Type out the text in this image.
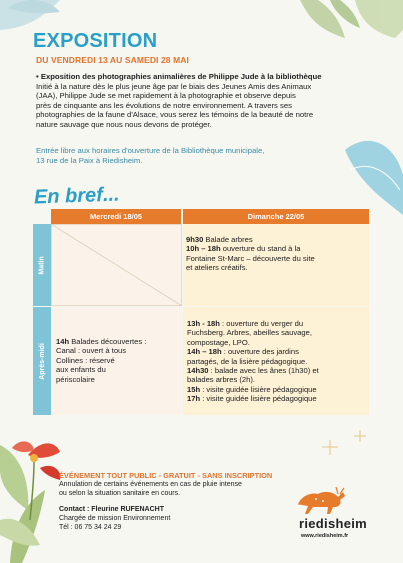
EXPOSITION
DU VENDREDI 13 AU SAMEDI 28 MAI
• Exposition des photographies animalières de Philippe Jude à la bibliothèque
Initié à la nature dès le plus jeune âge par le biais des Jeunes Amis des Animaux
(JAA), Philippe Jude se met rapidement à la photographie et observe depuis
près de cinquante ans les évolutions de notre environnement. A travers ses
photographies de la faune d'Alsace, vous serez les témoins de la beauté de notre
nature sauvage que nous nous devons de protéger.
Entrée libre aux horaires d'ouverture de la Bibliothèque municipale,
13 rue de la Paix à Riedisheim.
En bref...
Mercredi 18/05	Dimanche 22/05
Matin
Après-midi

9h30 Balade arbres

10h – 18h ouverture du stand à la

Fontaine St-Marc – découverte du site

et ateliers créatifs.

14h Balades découvertes :

Canal : ouvert à tous

Collines : réservé

aux enfants du

périscolaire

13h - 18h : ouverture du verger du

Fuchsberg. Arbres, abeilles sauvage,

compostage, LPO.

14h – 18h : ouverture des jardins

partagés, de la lisière pédagogique.

14h30 : balade avec les ânes (1h30) et

balades arbres (2h).

15h : visite guidée lisière pédagogique

17h : visite guidée lisière pédagogique

ÉVÉNEMENT TOUT PUBLIC - GRATUIT - SANS INSCRIPTION
Annulation de certains événements en cas de pluie intense
ou selon la situation sanitaire en cours.
Contact : Fleurine RUFENACHT
Chargée de mission Environnement
Tél : 06 75 34 24 29	riedisheim
www.riedisheim.fr
